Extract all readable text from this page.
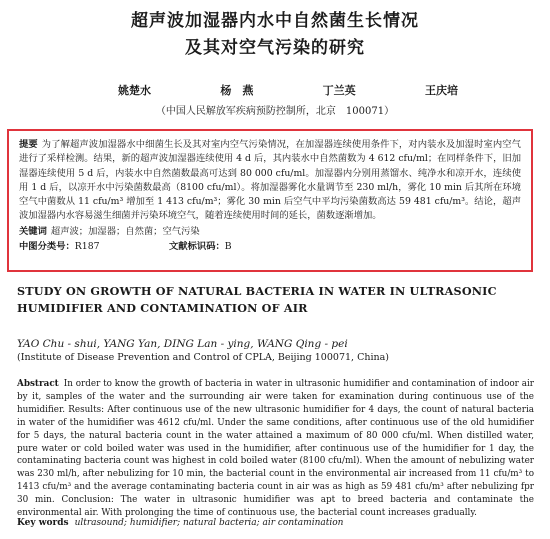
超声波加湿器内水中自然菌生长情况
及其对空气污染的研究
姚楚水	杨　燕	丁兰英	王庆培
（中国人民解放军疾病预防控制所，北京　100071）

提要 为了解超声波加湿器水中细菌生长及其对室内空气污染情况，在加湿器连续使用条件下，对内装水及加湿时室内空气进行了采样检测。结果，新的超声波加湿器连续使用 4 d 后，其内装水中自然菌数为 4 612 cfu/ml；在同样条件下，旧加湿器连续使用 5 d 后，内装水中自然菌数最高可达到 80 000 cfu/ml。加湿器内分别用蒸馏水、纯净水和凉开水，连续使用 1 d 后，以凉开水中污染菌数最高（8100 cfu/ml）。将加湿器雾化水量调节至 230 ml/h，雾化 10 min 后其所在环境空气中菌数从 11 cfu/m³ 增加至 1 413 cfu/m³；雾化 30 min 后空气中平均污染菌数高达 59 481 cfu/m³。结论，超声波加湿器内水容易滋生细菌并污染环境空气，随着连续使用时间的延长，菌数逐渐增加。

关键词 超声波；加湿器；自然菌；空气污染
中图分类号：R187	文献标识码：B
STUDY ON GROWTH OF NATURAL BACTERIA IN WATER IN ULTRASONIC HUMIDIFIER AND CONTAMINATION OF AIR
YAO Chu - shui, YANG Yan, DING Lan - ying, WANG Qing - pei
(Institute of Disease Prevention and Control of CPLA, Beijing 100071, China)

Abstract In order to know the growth of bacteria in water in ultrasonic humidifier and contamination of indoor air by it, samples of the water and the surrounding air were taken for examination during continuous use of the humidifier. Results: After continuous use of the new ultrasonic humidifier for 4 days, the count of natural bacteria in water of the humidifier was 4612 cfu/ml. Under the same conditions, after continuous use of the old humidifier for 5 days, the natural bacteria count in the water attained a maximum of 80 000 cfu/ml. When distilled water, pure water or cold boiled water was used in the humidifier, after continuous use of the humidifier for 1 day, the contaminating bacteria count was highest in cold boiled water (8100 cfu/ml). When the amount of nebulizing water was 230 ml/h, after nebulizing for 10 min, the bacterial count in the environmental air increased from 11 cfu/m³ to 1413 cfu/m³ and the average contaminating bacteria count in air was as high as 59 481 cfu/m³ after nebulizing fpr 30 min. Conclusion: The water in ultrasonic humidifier was apt to breed bacteria and contaminate the environmental air. With prolonging the time of continuous use, the bacterial count increases gradually.

Key words ultrasound; humidifier; natural bacteria; air contamination
